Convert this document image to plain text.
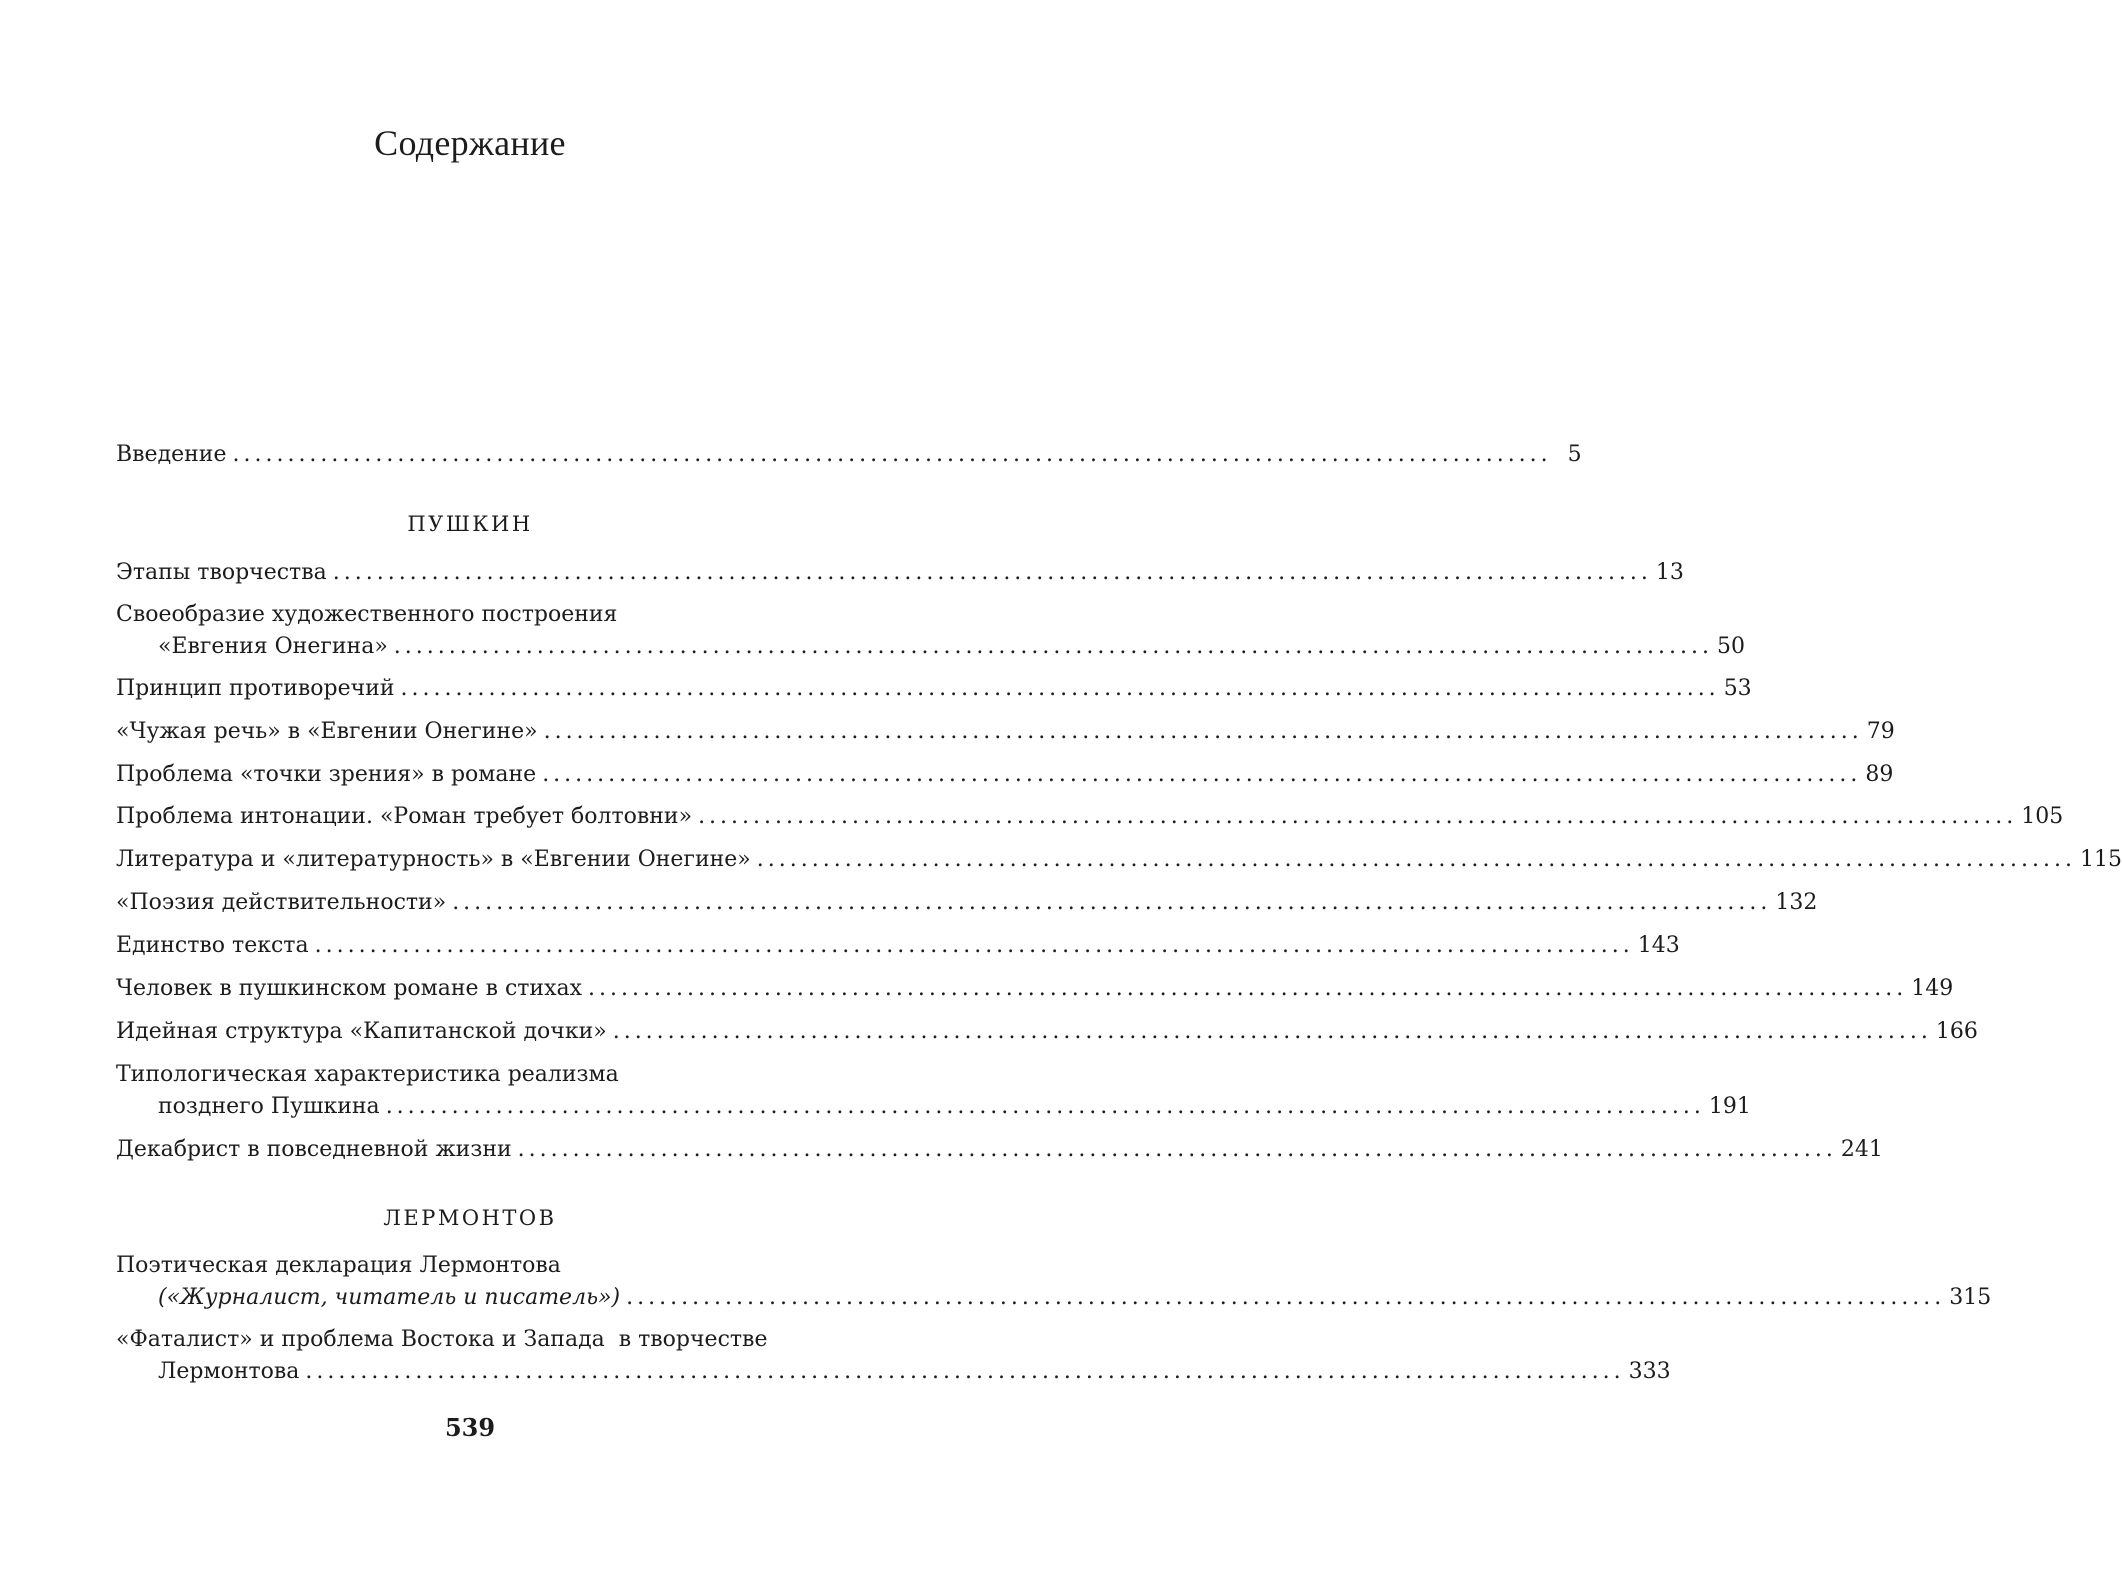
Содержание
Введение ........................................................................................................................ 5
ПУШКИН
Этапы творчества ........................................................................................................................ 13
Своеобразие художественного построения
«Евгения Онегина» ........................................................................................................................ 50
Принцип противоречий ........................................................................................................................ 53
«Чужая речь» в «Евгении Онегине» ........................................................................................................................ 79
Проблема «точки зрения» в романе ........................................................................................................................ 89
Проблема интонации. «Роман требует болтовни» ........................................................................................................................ 105
Литература и «литературность» в «Евгении Онегине» ........................................................................................................................ 115
«Поэзия действительности» ........................................................................................................................ 132
Единство текста ........................................................................................................................ 143
Человек в пушкинском романе в стихах ........................................................................................................................ 149
Идейная структура «Капитанской дочки» ........................................................................................................................ 166
Типологическая характеристика реализма
позднего Пушкина ........................................................................................................................ 191
Декабрист в повседневной жизни ........................................................................................................................ 241
ЛЕРМОНТОВ
Поэтическая декларация Лермонтова
(«Журналист, читатель и писатель») ........................................................................................................................ 315
«Фаталист» и проблема Востока и Запада  в творчестве
Лермонтова ........................................................................................................................ 333
539
